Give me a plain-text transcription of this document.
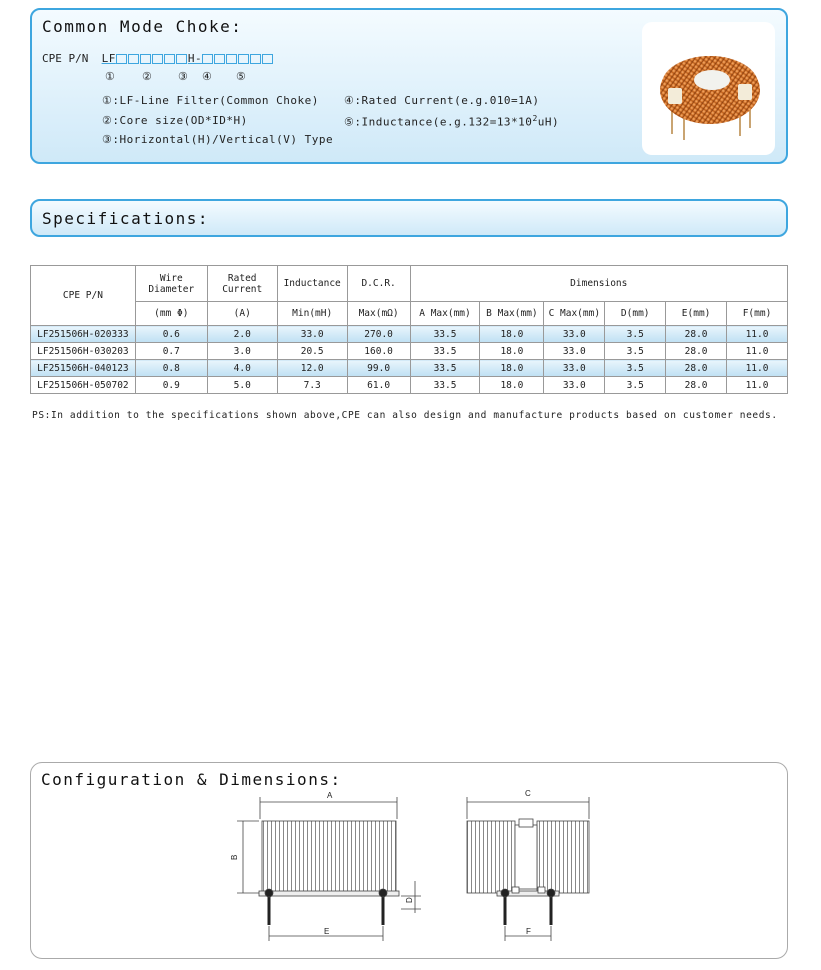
Common Mode Choke:
CPE P/N LF	H-
① ② ③ ④ ⑤
①:LF-Line Filter(Common Choke)
②:Core size(OD*ID*H)
③:Horizontal(H)/Vertical(V) Type
④:Rated Current(e.g.010=1A)
$⑤:Inductance(e.g.132=13*10^2uH)$
Specifications:
CPE P/N	Wire Diameter	Rated Current	Inductance	D.C.R.	Dimensions					
	(mm Φ)	(A)	Min(mH)	Max(mΩ)	A Max(mm)	B Max(mm)	C Max(mm)	D(mm)	E(mm)	F(mm)
LF251506H-020333	0.6	2.0	33.0	270.0	33.5	18.0	33.0	3.5	28.0	11.0
LF251506H-030203	0.7	3.0	20.5	160.0	33.5	18.0	33.0	3.5	28.0	11.0
LF251506H-040123	0.8	4.0	12.0	99.0	33.5	18.0	33.0	3.5	28.0	11.0
LF251506H-050702	0.9	5.0	7.3	61.0	33.5	18.0	33.0	3.5	28.0	11.0
PS:In addition to the specifications shown above,CPE can also design and manufacture products based on customer needs.
Configuration & Dimensions:
A
B
D
E
C
F
